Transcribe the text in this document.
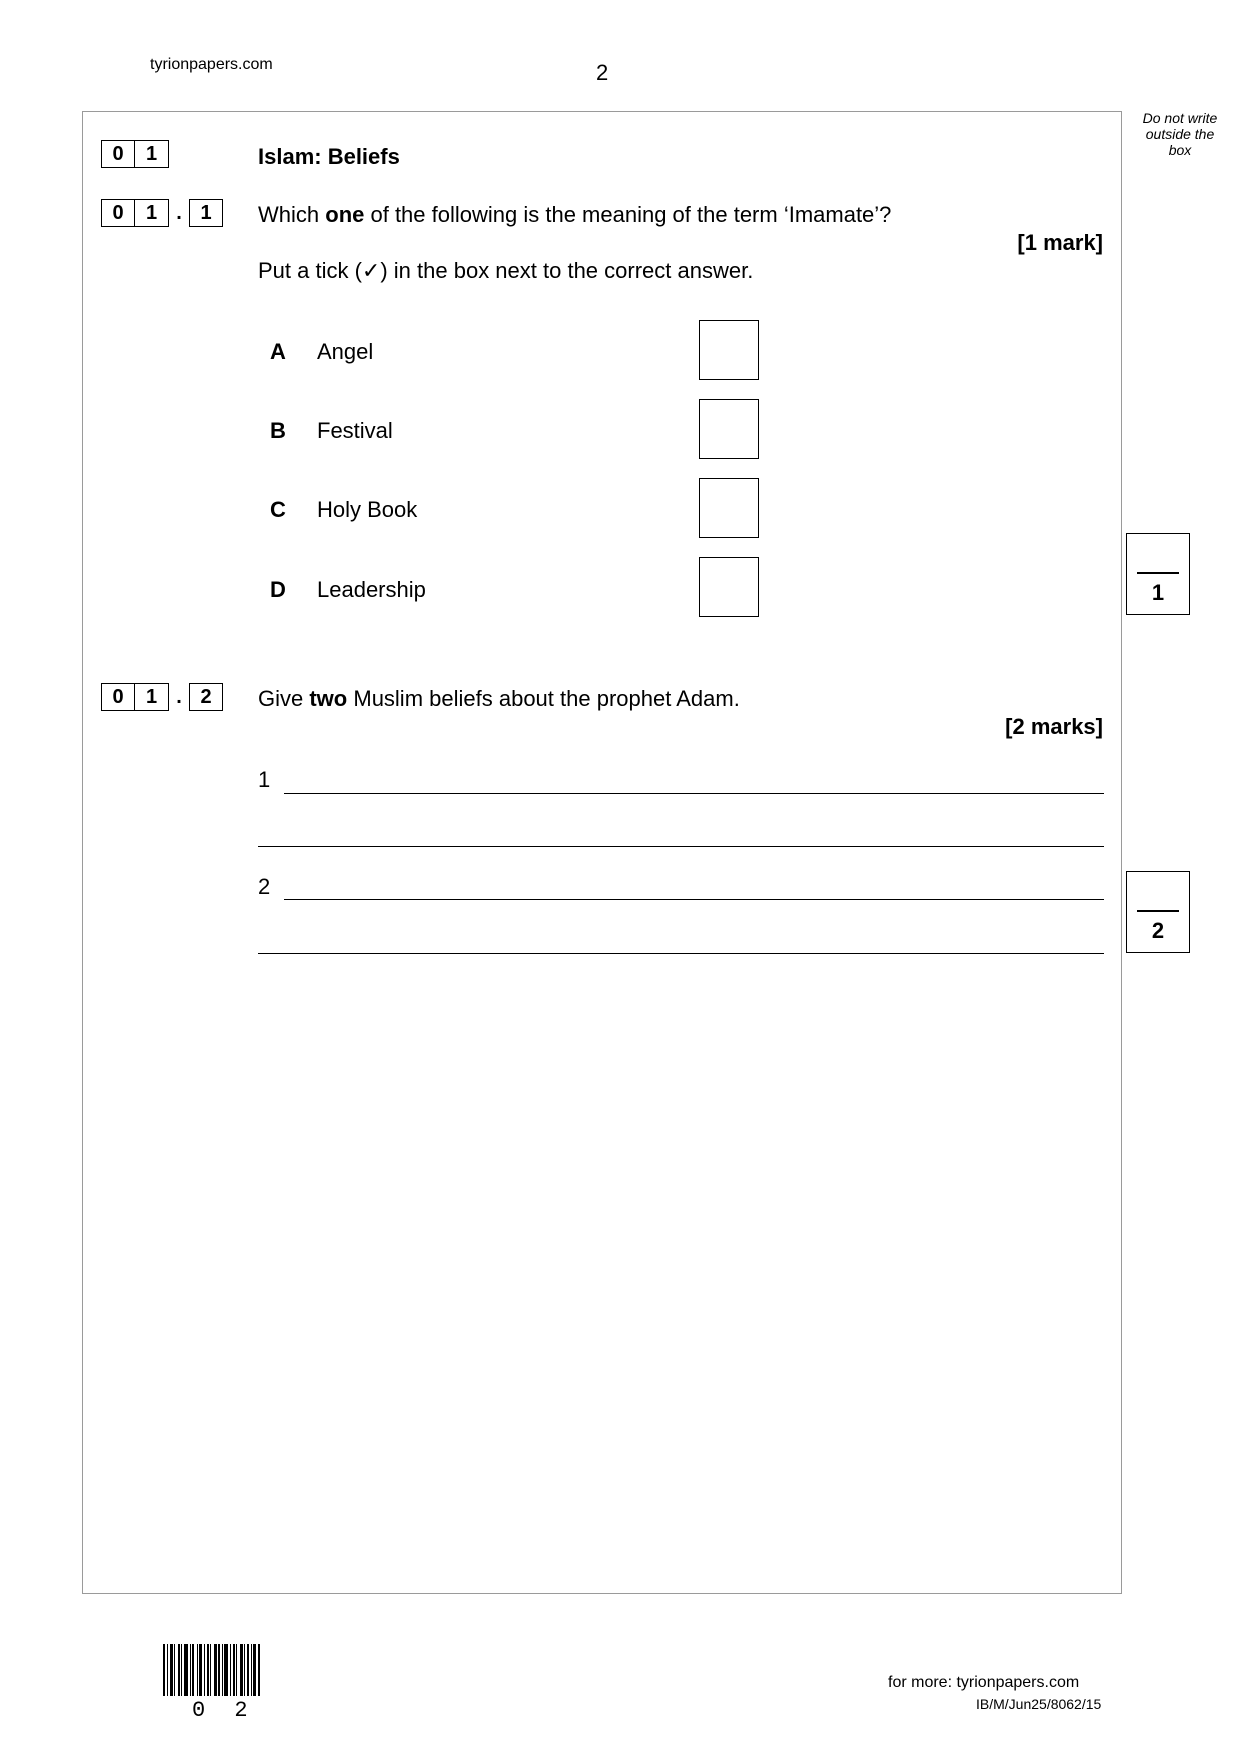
tyrionpapers.com	2
Do not write outside the box
0	1	Islam: Beliefs
0	1 . 1	Which one of the following is the meaning of the term ‘Imamate’?
[1 mark]
Put a tick (✓) in the box next to the correct answer.
A	Angel
B	Festival
C	Holy Book
D	Leadership	1
0	1 . 2	Give two Muslim beliefs about the prophet Adam.
[2 marks]
1
2
2
0 2
for more: tyrionpapers.com
IB/M/Jun25/8062/15
